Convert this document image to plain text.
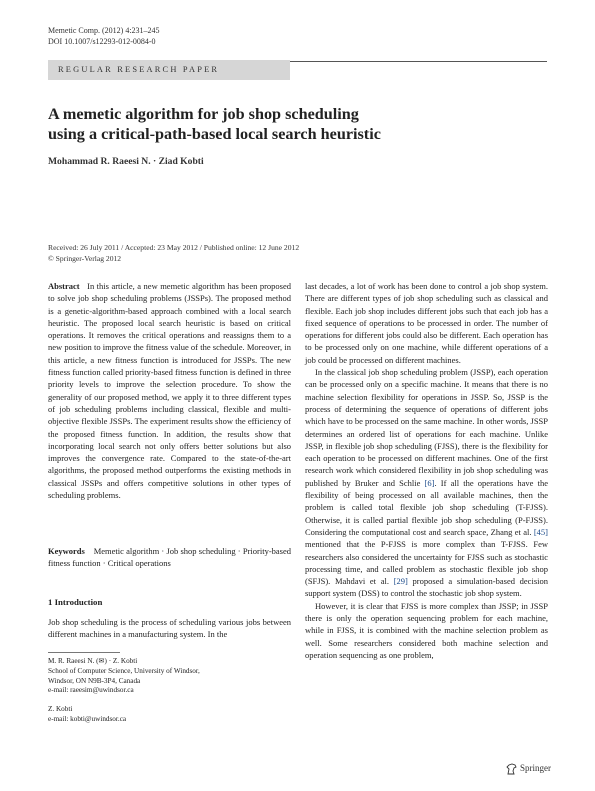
Memetic Comp. (2012) 4:231–245
DOI 10.1007/s12293-012-0084-0
REGULAR RESEARCH PAPER
A memetic algorithm for job shop scheduling
using a critical-path-based local search heuristic
Mohammad R. Raeesi N. · Ziad Kobti
Received: 26 July 2011 / Accepted: 23 May 2012 / Published online: 12 June 2012
© Springer-Verlag 2012
Abstract In this article, a new memetic algorithm has been proposed to solve job shop scheduling problems (JSSPs). The proposed method is a genetic-algorithm-based approach combined with a local search heuristic. The proposed local search heuristic is based on critical operations. It removes the critical operations and reassigns them to a new position to improve the fitness value of the schedule. Moreover, in this article, a new fitness function is introduced for JSSPs. The new fitness function called priority-based fitness function is defined in three priority levels to improve the selection procedure. To show the generality of our proposed method, we apply it to three different types of job scheduling problems including classical, flexible and multi-objective flexible JSSPs. The experiment results show the efficiency of the proposed fitness function. In addition, the results show that incorporating local search not only offers better solutions but also improves the convergence rate. Compared to the state-of-the-art algorithms, the proposed method outperforms the existing methods in classical JSSPs and offers competitive solutions in other types of scheduling problems.
Keywords Memetic algorithm · Job shop scheduling · Priority-based fitness function · Critical operations
1 Introduction
Job shop scheduling is the process of scheduling various jobs between different machines in a manufacturing system. In the
M. R. Raeesi N. (✉) · Z. Kobti
School of Computer Science, University of Windsor,
Windsor, ON N9B-3P4, Canada
e-mail: raeesim@uwindsor.ca
Z. Kobti
e-mail: kobti@uwindsor.ca

last decades, a lot of work has been done to control a job shop system. There are different types of job shop scheduling such as classical and flexible. Each job shop includes different jobs such that each job has a fixed sequence of operations to be processed in order. The number of operations for different jobs could also be different. Each operation has to be processed only on one machine, while different operations of a job could be processed on different machines.

In the classical job shop scheduling problem (JSSP), each operation can be processed only on a specific machine. It means that there is no machine selection flexibility for operations in JSSP. So, JSSP is the process of determining the sequence of operations of different jobs which have to be processed on the same machine. In other words, JSSP determines an ordered list of operations for each machine. Unlike JSSP, in flexible job shop scheduling (FJSS), there is the flexibility for each operation to be processed on different machines. One of the first research work which considered flexibility in job shop scheduling was published by Bruker and Schlie [6]. If all the operations have the flexibility of being processed on all available machines, then the problem is called total flexible job shop scheduling (T-FJSS). Otherwise, it is called partial flexible job shop scheduling (P-FJSS). Considering the computational cost and search space, Zhang et al. [45] mentioned that the P-FJSS is more complex than T-FJSS. Few researchers also considered the uncertainty for FJSS such as stochastic processing time, and called problem as stochastic flexible job shop (SFJS). Mahdavi et al. [29] proposed a simulation-based decision support system (DSS) to control the stochastic job shop system.

However, it is clear that FJSS is more complex than JSSP; in JSSP there is only the operation sequencing problem for each machine, while in FJSS, it is combined with the machine selection problem as well. Some researchers considered both machine selection and operation sequencing as one problem,

Springer
